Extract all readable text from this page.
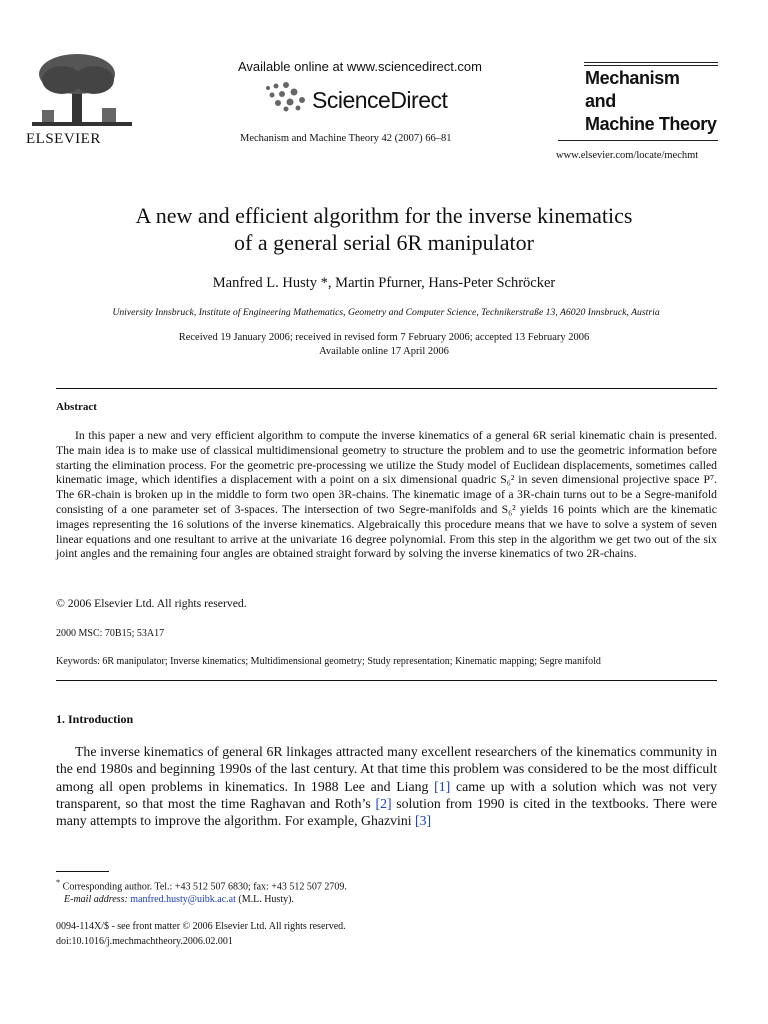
ELSEVIER
Available online at www.sciencedirect.com
ScienceDirect
Mechanism and Machine Theory 42 (2007) 66–81
Mechanism
and
Machine Theory
www.elsevier.com/locate/mechmt
A new and efficient algorithm for the inverse kinematics
of a general serial 6R manipulator
Manfred L. Husty *, Martin Pfurner, Hans-Peter Schröcker
University Innsbruck, Institute of Engineering Mathematics, Geometry and Computer Science, Technikerstraße 13, A6020 Innsbruck, Austria
Received 19 January 2006; received in revised form 7 February 2006; accepted 13 February 2006
Available online 17 April 2006
Abstract

In this paper a new and very efficient algorithm to compute the inverse kinematics of a general 6R serial kinematic chain is presented. The main idea is to make use of classical multidimensional geometry to structure the problem and to use the geometric information before starting the elimination process. For the geometric pre-processing we utilize the Study model of Euclidean displacements, sometimes called kinematic image, which identifies a displacement with a point on a six dimensional quadric S₆² in seven dimensional projective space P⁷. The 6R-chain is broken up in the middle to form two open 3R-chains. The kinematic image of a 3R-chain turns out to be a Segre-manifold consisting of a one parameter set of 3-spaces. The intersection of two Segre-manifolds and S₆² yields 16 points which are the kinematic images representing the 16 solutions of the inverse kinematics. Algebraically this procedure means that we have to solve a system of seven linear equations and one resultant to arrive at the univariate 16 degree polynomial. From this step in the algorithm we get two out of the six joint angles and the remaining four angles are obtained straight forward by solving the inverse kinematics of two 2R-chains.

© 2006 Elsevier Ltd. All rights reserved.
2000 MSC: 70B15; 53A17
Keywords: 6R manipulator; Inverse kinematics; Multidimensional geometry; Study representation; Kinematic mapping; Segre manifold
1. Introduction

The inverse kinematics of general 6R linkages attracted many excellent researchers of the kinematics community in the end 1980s and beginning 1990s of the last century. At that time this problem was considered to be the most difficult among all open problems in kinematics. In 1988 Lee and Liang [1] came up with a solution which was not very transparent, so that most the time Raghavan and Roth’s [2] solution from 1990 is cited in the textbooks. There were many attempts to improve the algorithm. For example, Ghazvini [3]

* Corresponding author. Tel.: +43 512 507 6830; fax: +43 512 507 2709.
E-mail address: manfred.husty@uibk.ac.at (M.L. Husty).
0094-114X/$ - see front matter © 2006 Elsevier Ltd. All rights reserved.
doi:10.1016/j.mechmachtheory.2006.02.001
